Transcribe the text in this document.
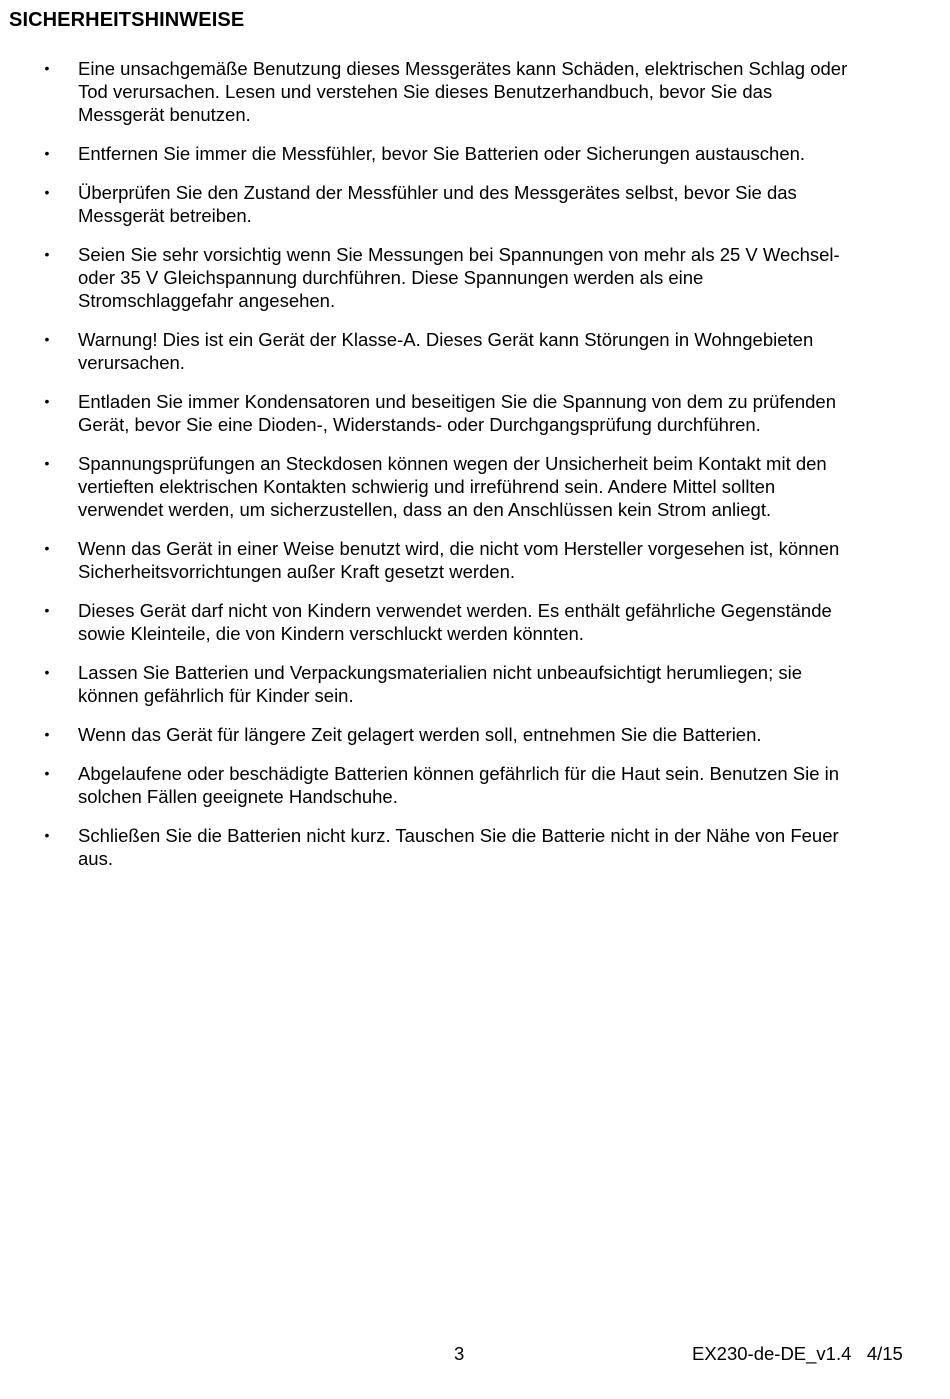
SICHERHEITSHINWEISE
• Eine unsachgemäße Benutzung dieses Messgerätes kann Schäden, elektrischen Schlag oder
Tod verursachen. Lesen und verstehen Sie dieses Benutzerhandbuch, bevor Sie das
Messgerät benutzen.
• Entfernen Sie immer die Messfühler, bevor Sie Batterien oder Sicherungen austauschen.
• Überprüfen Sie den Zustand der Messfühler und des Messgerätes selbst, bevor Sie das
Messgerät betreiben.
• Seien Sie sehr vorsichtig wenn Sie Messungen bei Spannungen von mehr als 25 V Wechsel-
oder 35 V Gleichspannung durchführen. Diese Spannungen werden als eine
Stromschlaggefahr angesehen.
• Warnung! Dies ist ein Gerät der Klasse-A. Dieses Gerät kann Störungen in Wohngebieten
verursachen.
• Entladen Sie immer Kondensatoren und beseitigen Sie die Spannung von dem zu prüfenden
Gerät, bevor Sie eine Dioden-, Widerstands- oder Durchgangsprüfung durchführen.
• Spannungsprüfungen an Steckdosen können wegen der Unsicherheit beim Kontakt mit den
vertieften elektrischen Kontakten schwierig und irreführend sein. Andere Mittel sollten
verwendet werden, um sicherzustellen, dass an den Anschlüssen kein Strom anliegt.
• Wenn das Gerät in einer Weise benutzt wird, die nicht vom Hersteller vorgesehen ist, können
Sicherheitsvorrichtungen außer Kraft gesetzt werden.
• Dieses Gerät darf nicht von Kindern verwendet werden. Es enthält gefährliche Gegenstände
sowie Kleinteile, die von Kindern verschluckt werden könnten.
• Lassen Sie Batterien und Verpackungsmaterialien nicht unbeaufsichtigt herumliegen; sie
können gefährlich für Kinder sein.
• Wenn das Gerät für längere Zeit gelagert werden soll, entnehmen Sie die Batterien.
• Abgelaufene oder beschädigte Batterien können gefährlich für die Haut sein. Benutzen Sie in
solchen Fällen geeignete Handschuhe.
• Schließen Sie die Batterien nicht kurz. Tauschen Sie die Batterie nicht in der Nähe von Feuer
aus.
3	EX230-de-DE_v1.4   4/15
